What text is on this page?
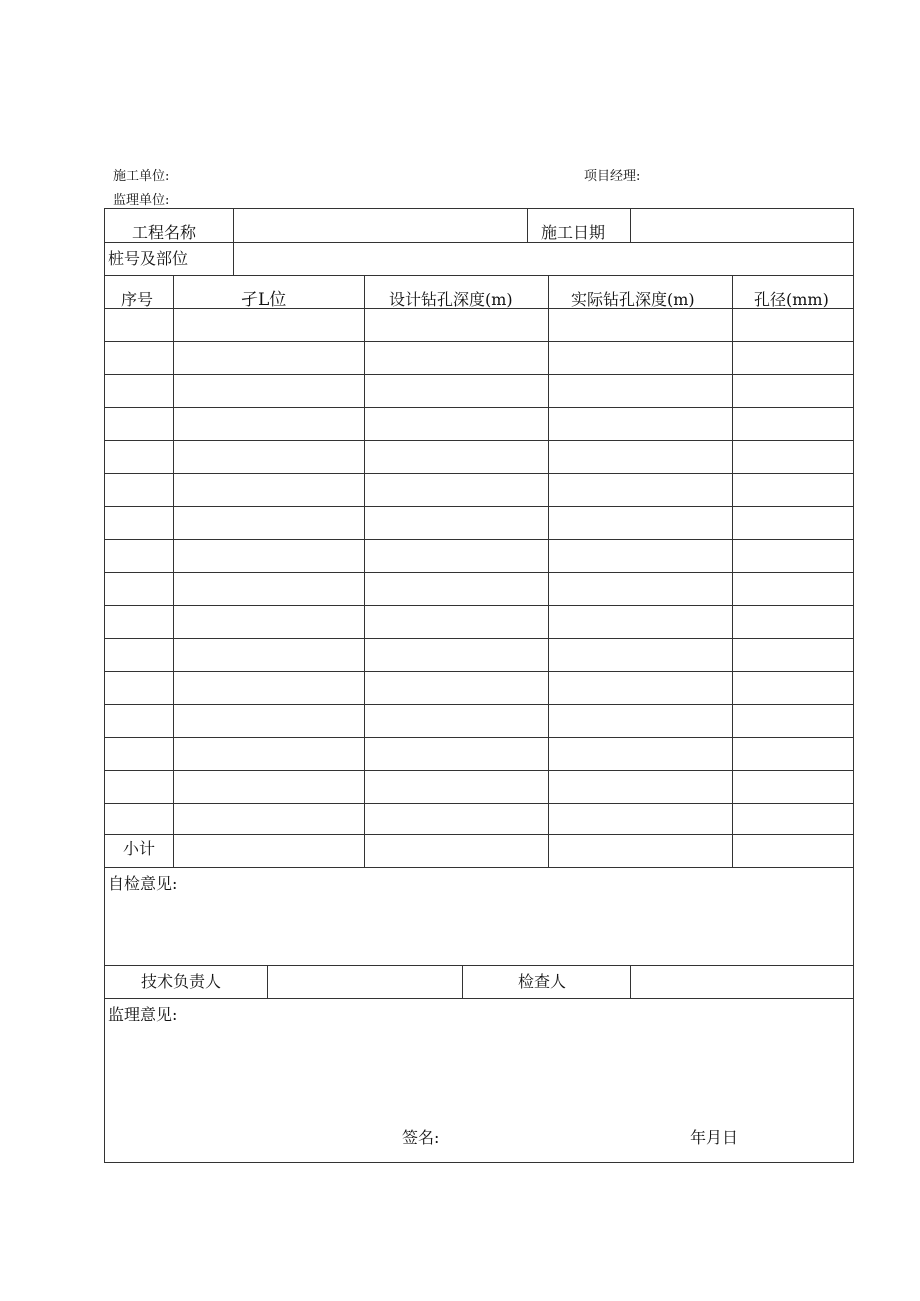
施工单位:	项目经理:
监理单位:
工程名称	施工日期
桩号及部位
序号	孑L位	设计钻孔深度(m)	实际钻孔深度(m)	孔径(mm)
小计
自检意见:
技术负责人	检查人
监理意见:
签名:	年月日
